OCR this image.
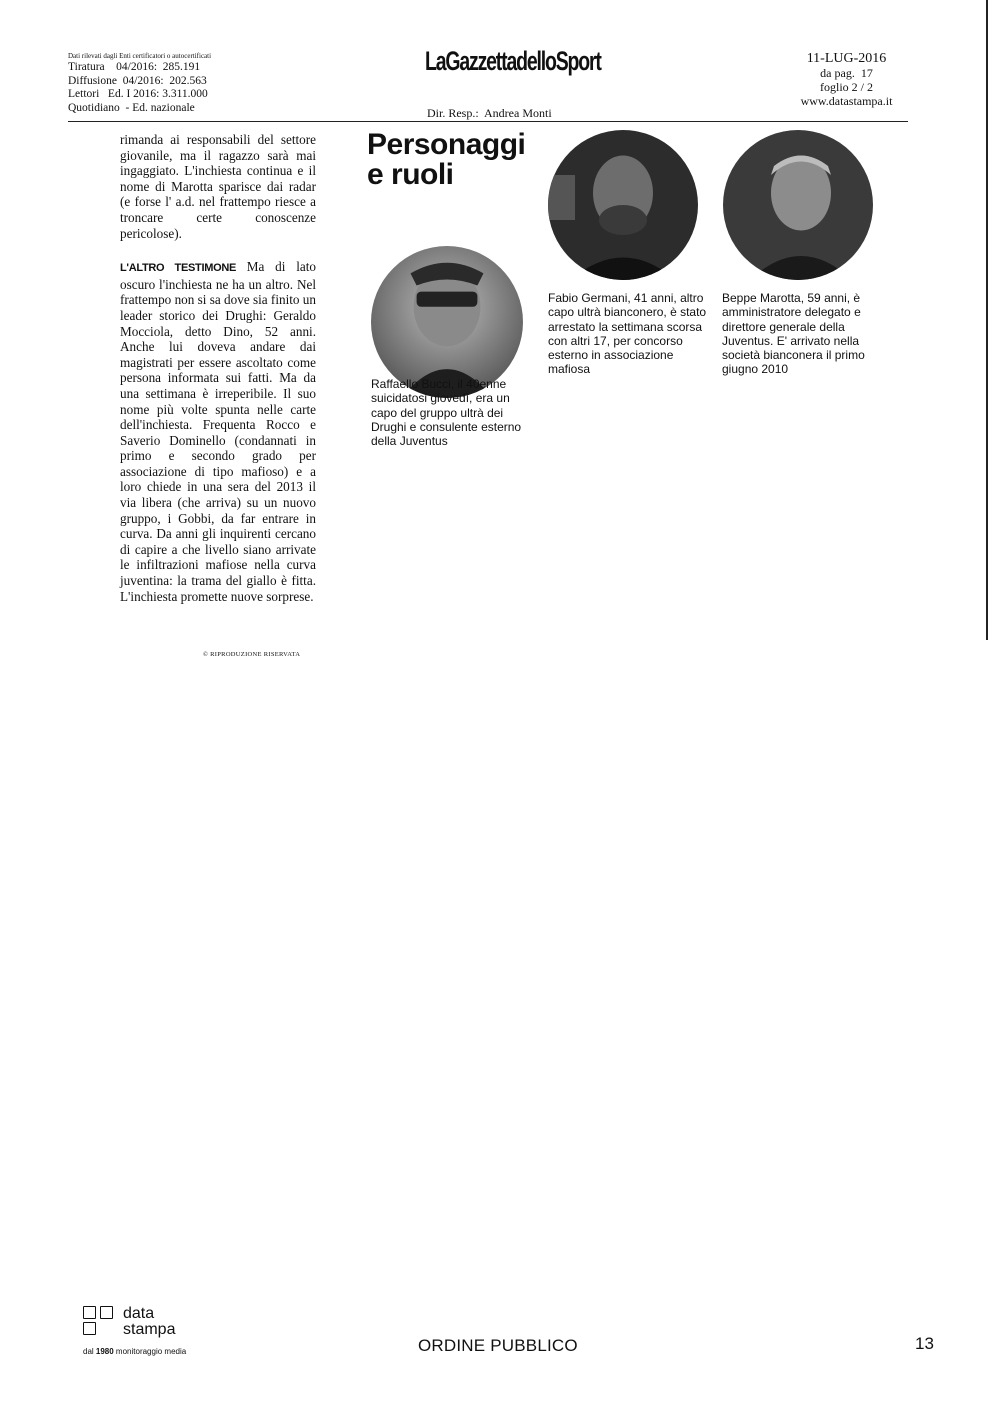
Dati rilevati dagli Enti certificatori o autocertificati
Tiratura    04/2016:  285.191
Diffusione  04/2016:  202.563
Lettori   Ed. I 2016: 3.311.000
Quotidiano  - Ed. nazionale
LaGazzettadelloSport
Dir. Resp.:  Andrea Monti
11-LUG-2016
da pag.  17
foglio 2 / 2
www.datastampa.it

rimanda ai responsabili del settore giovanile, ma il ragazzo sarà mai ingaggiato. L'inchiesta continua e il nome di Marotta sparisce dai radar (e forse l' a.d. nel frattempo riesce a troncare certe conoscenze pericolose).

L'ALTRO TESTIMONE Ma di lato oscuro l'inchiesta ne ha un altro. Nel frattempo non si sa dove sia finito un leader storico dei Drughi: Geraldo Mocciola, detto Dino, 52 anni. Anche lui doveva andare dai magistrati per essere ascoltato come persona informata sui fatti. Ma da una settimana è irreperibile. Il suo nome più volte spunta nelle carte dell'inchiesta. Frequenta Rocco e Saverio Dominello (condannati in primo e secondo grado per associazione di tipo mafioso) e a loro chiede in una sera del 2013 il via libera (che arriva) su un nuovo gruppo, i Gobbi, da far entrare in curva. Da anni gli inquirenti cercano di capire a che livello siano arrivate le infiltrazioni mafiose nella curva juventina: la trama del giallo è fitta. L'inchiesta promette nuove sorprese.

© RIPRODUZIONE RISERVATA
Personaggi
e ruoli
Raffaello Bucci, il 40enne suicidatosi giovedì, era un capo del gruppo ultrà dei Drughi e consulente esterno della Juventus
Fabio Germani, 41 anni, altro capo ultrà bianconero, è stato arrestato la settimana scorsa con altri 17, per concorso esterno in associazione mafiosa
Beppe Marotta, 59 anni, è amministratore delegato e direttore generale della Juventus. E' arrivato nella società bianconera il primo giugno 2010
data
stampa
dal 1980 monitoraggio media	ORDINE PUBBLICO	13
